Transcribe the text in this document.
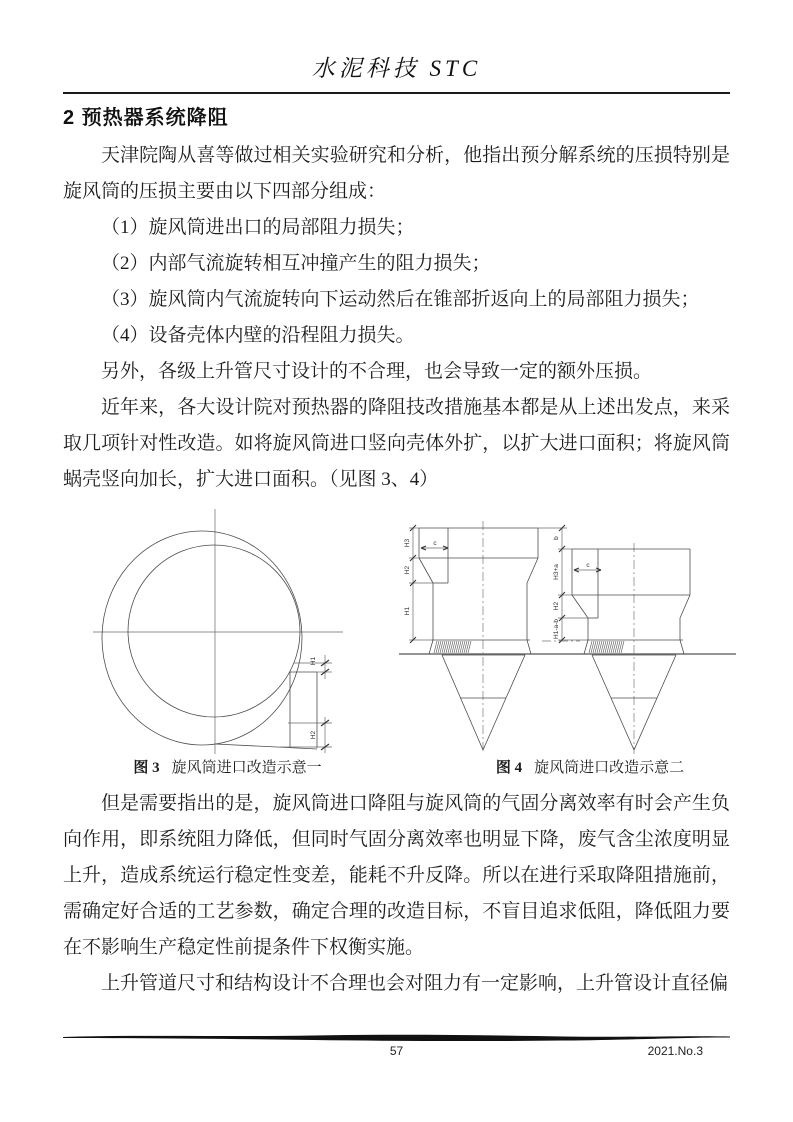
水泥科技 STC
2 预热器系统降阻

天津院陶从喜等做过相关实验研究和分析，他指出预分解系统的压损特别是旋风筒的压损主要由以下四部分组成：

（1）旋风筒进出口的局部阻力损失；

（2）内部气流旋转相互冲撞产生的阻力损失；

（3）旋风筒内气流旋转向下运动然后在锥部折返向上的局部阻力损失；

（4）设备壳体内壁的沿程阻力损失。

另外，各级上升管尺寸设计的不合理，也会导致一定的额外压损。

近年来，各大设计院对预热器的降阻技改措施基本都是从上述出发点，来采取几项针对性改造。如将旋风筒进口竖向壳体外扩，以扩大进口面积；将旋风筒蜗壳竖向加长，扩大进口面积。（见图 3、4）

H1
H2
c
H3
H2
H1
c
b
H3+a
H2
H1-a-b
图 3 旋风筒进口改造示意一	图 4 旋风筒进口改造示意二

但是需要指出的是，旋风筒进口降阻与旋风筒的气固分离效率有时会产生负向作用，即系统阻力降低，但同时气固分离效率也明显下降，废气含尘浓度明显上升，造成系统运行稳定性变差，能耗不升反降。所以在进行采取降阻措施前，需确定好合适的工艺参数，确定合理的改造目标，不盲目追求低阻，降低阻力要在不影响生产稳定性前提条件下权衡实施。

上升管道尺寸和结构设计不合理也会对阻力有一定影响，上升管设计直径偏

57	2021.No.3
